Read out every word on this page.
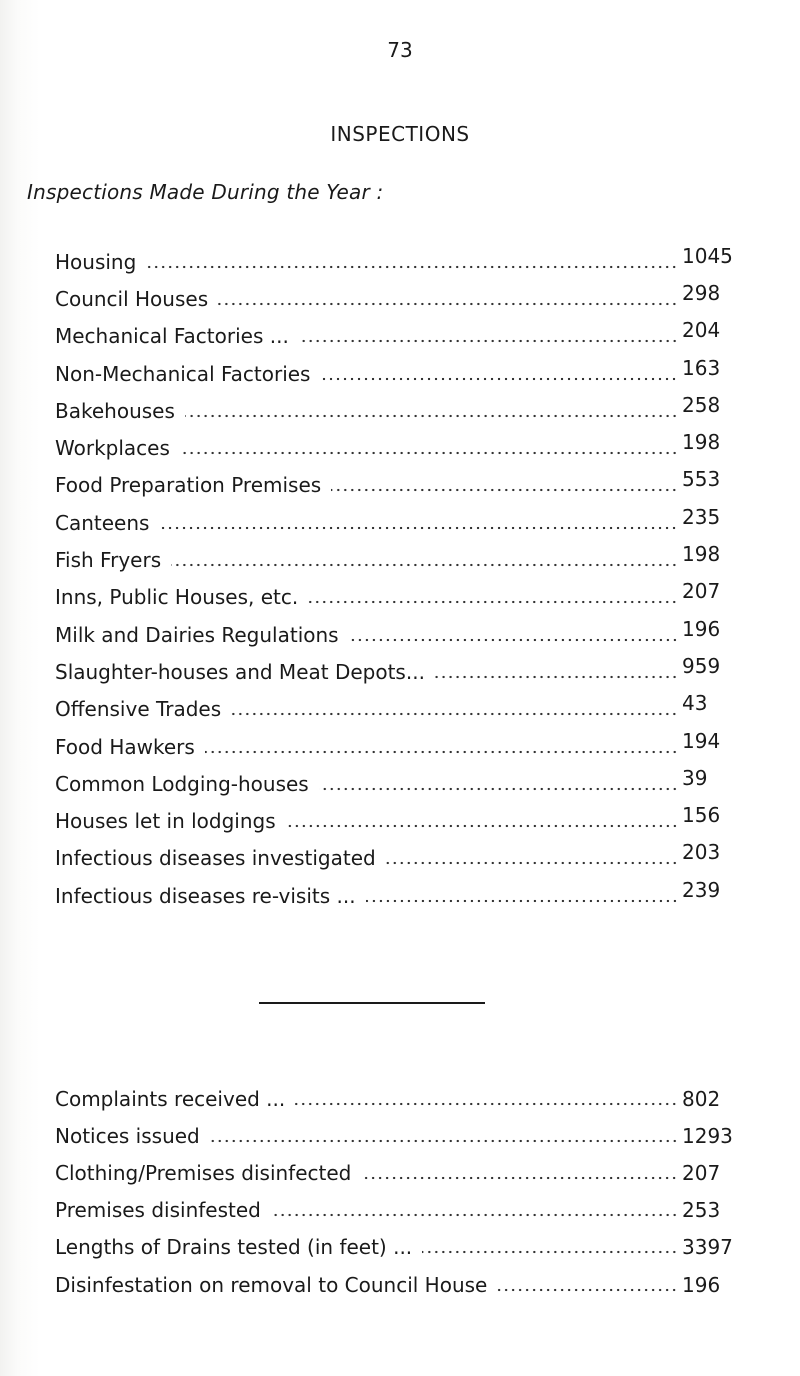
73
INSPECTIONS
Inspections Made During the Year :
Housing	1045
Council Houses	298
Mechanical Factories ...	204
Non-Mechanical Factories	163
Bakehouses	258
Workplaces	198
Food Preparation Premises	553
Canteens	235
Fish Fryers	198
Inns, Public Houses, etc.	207
Milk and Dairies Regulations	196
Slaughter-houses and Meat Depots...	959
Offensive Trades	43
Food Hawkers	194
Common Lodging-houses	39
Houses let in lodgings	156
Infectious diseases investigated	203
Infectious diseases re-visits ...	239
Complaints received ...	802
Notices issued	1293
Clothing/Premises disinfected	207
Premises disinfested	253
Lengths of Drains tested (in feet) ...	3397
Disinfestation on removal to Council House	196
